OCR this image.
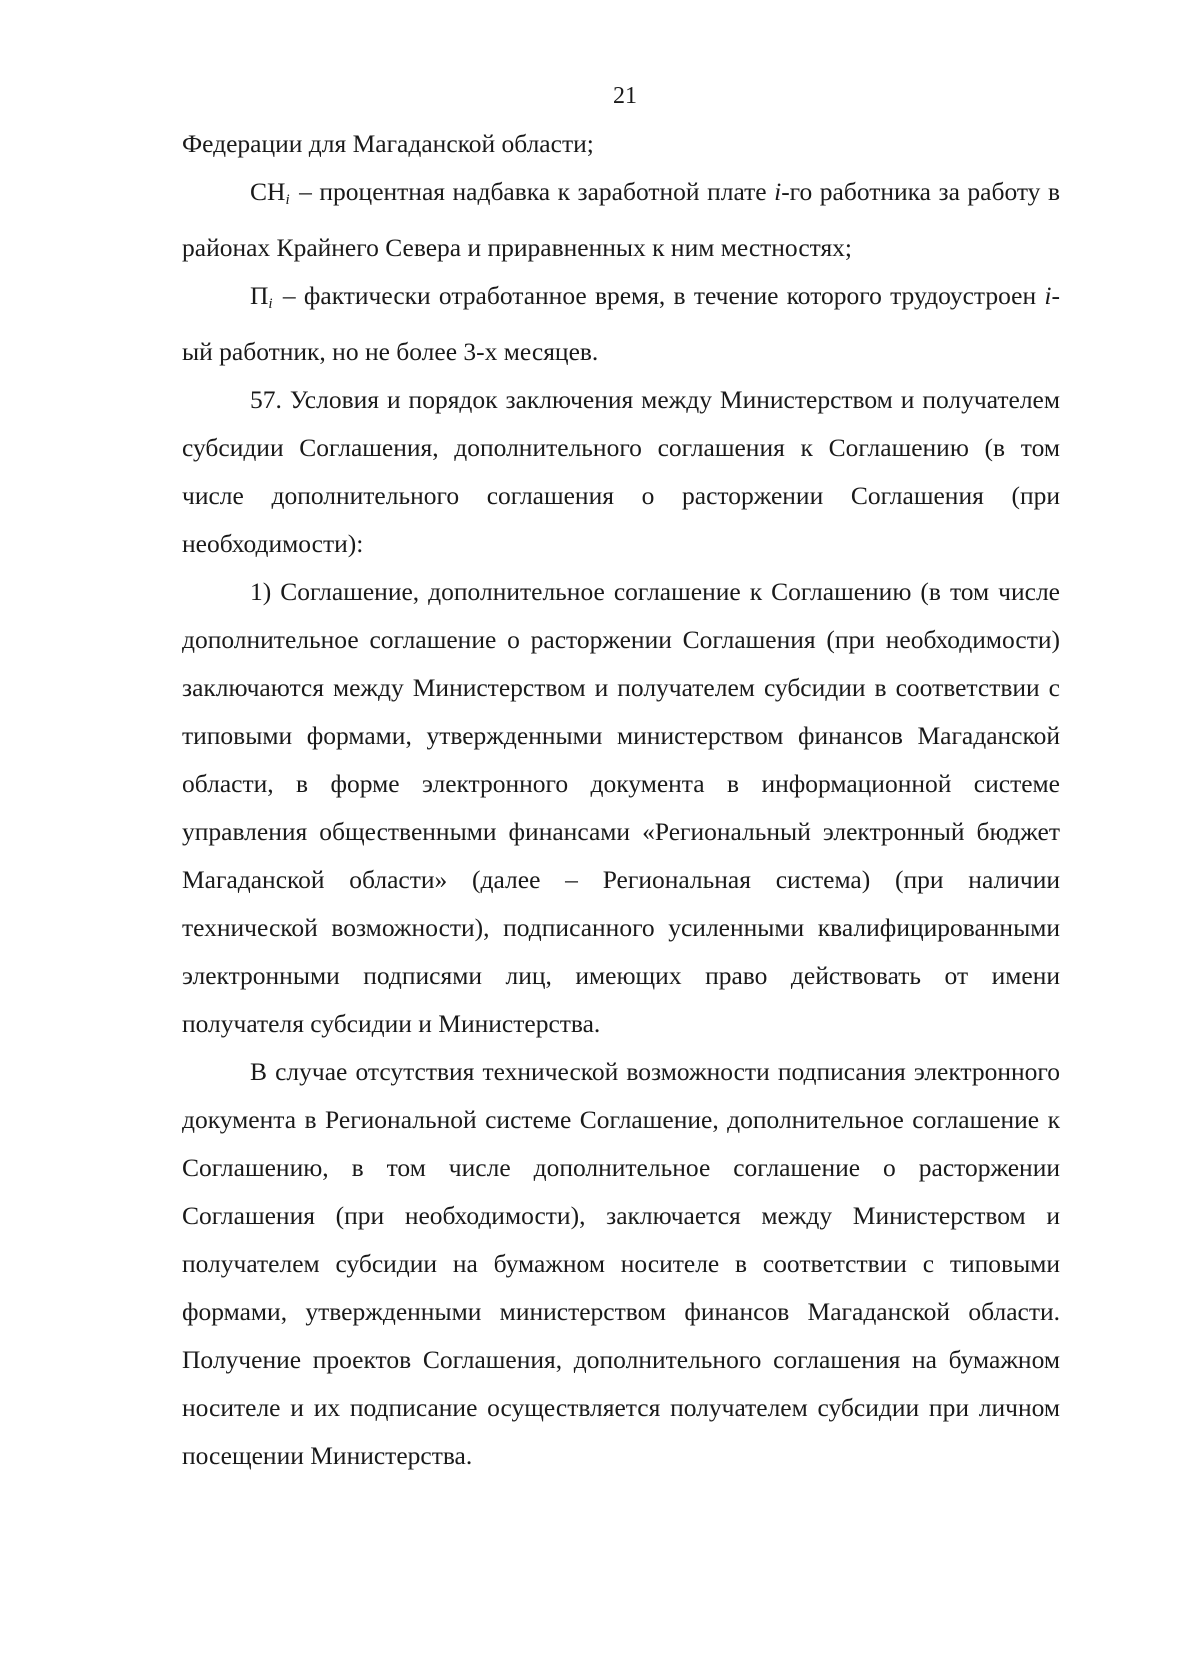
21

Федерации для Магаданской области;

CHi – процентная надбавка к заработной плате i-го работника за работу в районах Крайнего Севера и приравненных к ним местностях;

Пi – фактически отработанное время, в течение которого трудоустроен i-ый работник, но не более 3-х месяцев.

57. Условия и порядок заключения между Министерством и получателем субсидии Соглашения, дополнительного соглашения к Соглашению (в том числе дополнительного соглашения о расторжении Соглашения (при необходимости):

1) Соглашение, дополнительное соглашение к Соглашению (в том числе дополнительное соглашение о расторжении Соглашения (при необходимости) заключаются между Министерством и получателем субсидии в соответствии с типовыми формами, утвержденными министерством финансов Магаданской области, в форме электронного документа в информационной системе управления общественными финансами «Региональный электронный бюджет Магаданской области» (далее – Региональная система) (при наличии технической возможности), подписанного усиленными квалифицированными электронными подписями лиц, имеющих право действовать от имени получателя субсидии и Министерства.

В случае отсутствия технической возможности подписания электронного документа в Региональной системе Соглашение, дополнительное соглашение к Соглашению, в том числе дополнительное соглашение о расторжении Соглашения (при необходимости), заключается между Министерством и получателем субсидии на бумажном носителе в соответствии с типовыми формами, утвержденными министерством финансов Магаданской области. Получение проектов Соглашения, дополнительного соглашения на бумажном носителе и их подписание осуществляется получателем субсидии при личном посещении Министерства.
